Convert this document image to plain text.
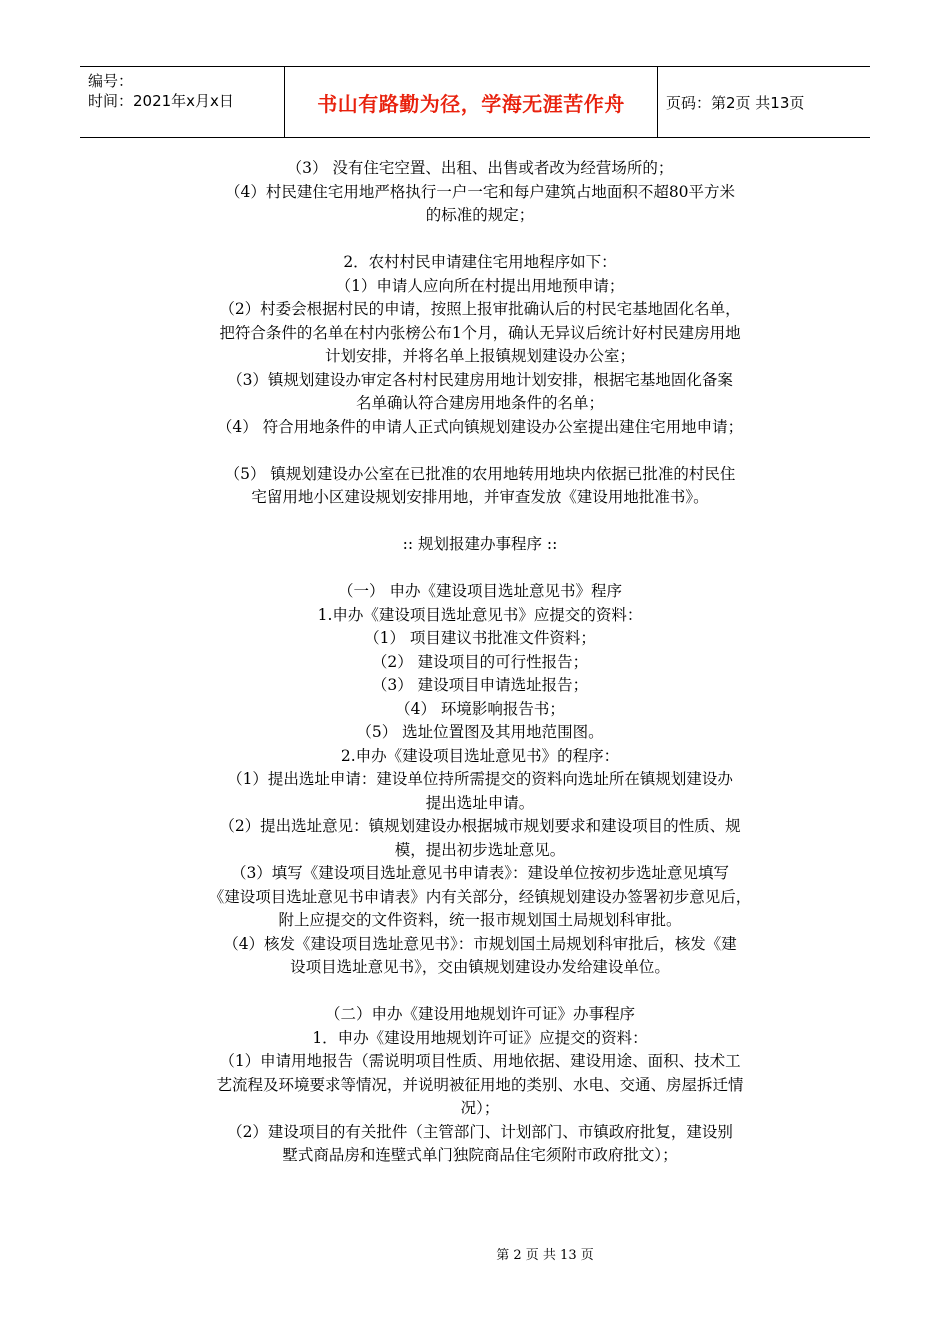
编号：
时间：2021年x月x日	书山有路勤为径，学海无涯苦作舟	页码：第2页 共13页

（3） 没有住宅空置、出租、出售或者改为经营场所的；

（4）村民建住宅用地严格执行一户一宅和每户建筑占地面积不超80平方米

的标准的规定；

2．农村村民申请建住宅用地程序如下：

（1）申请人应向所在村提出用地预申请；

（2）村委会根据村民的申请，按照上报审批确认后的村民宅基地固化名单，

把符合条件的名单在村内张榜公布1个月，确认无异议后统计好村民建房用地

计划安排，并将名单上报镇规划建设办公室；

（3）镇规划建设办审定各村村民建房用地计划安排，根据宅基地固化备案

名单确认符合建房用地条件的名单；

（4） 符合用地条件的申请人正式向镇规划建设办公室提出建住宅用地申请；

（5） 镇规划建设办公室在已批准的农用地转用地块内依据已批准的村民住

宅留用地小区建设规划安排用地，并审查发放《建设用地批准书》。

:: 规划报建办事程序 ::

（一） 申办《建设项目选址意见书》程序

1.申办《建设项目选址意见书》应提交的资料：

（1） 项目建议书批准文件资料；

（2） 建设项目的可行性报告；

（3） 建设项目申请选址报告；

（4） 环境影响报告书；

（5） 选址位置图及其用地范围图。

2.申办《建设项目选址意见书》的程序：

（1）提出选址申请：建设单位持所需提交的资料向选址所在镇规划建设办

提出选址申请。

（2）提出选址意见：镇规划建设办根据城市规划要求和建设项目的性质、规

模，提出初步选址意见。

（3）填写《建设项目选址意见书申请表》：建设单位按初步选址意见填写

《建设项目选址意见书申请表》内有关部分，经镇规划建设办签署初步意见后，

附上应提交的文件资料，统一报市规划国土局规划科审批。

（4）核发《建设项目选址意见书》：市规划国土局规划科审批后，核发《建

设项目选址意见书》，交由镇规划建设办发给建设单位。

（二）申办《建设用地规划许可证》办事程序

1．申办《建设用地规划许可证》应提交的资料：

（1）申请用地报告（需说明项目性质、用地依据、建设用途、面积、技术工

艺流程及环境要求等情况，并说明被征用地的类别、水电、交通、房屋拆迁情

况）；

（2）建设项目的有关批件（主管部门、计划部门、市镇政府批复，建设别

墅式商品房和连壁式单门独院商品住宅须附市政府批文）；

第 2 页 共 13 页
